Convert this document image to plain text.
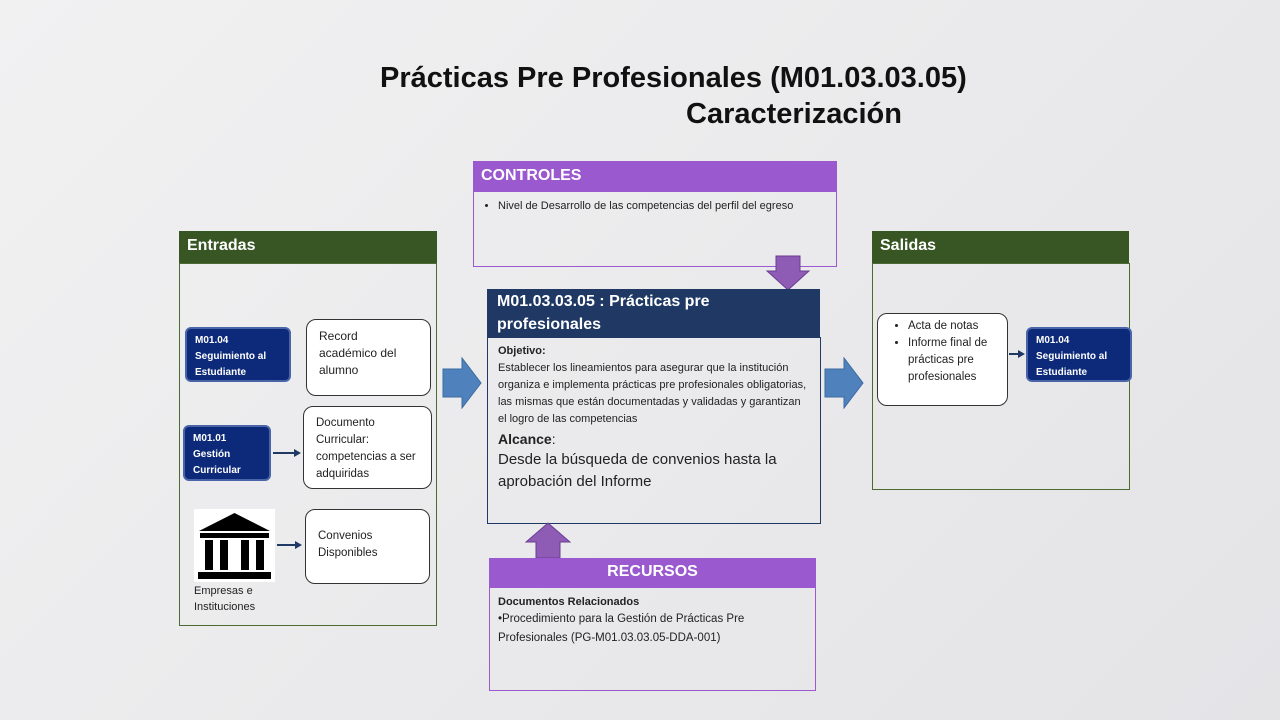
Prácticas Pre Profesionales (M01.03.03.05)
Caracterización
CONTROLES
• Nivel de Desarrollo de las competencias del perfil del egreso
Entradas
M01.04
Seguimiento al Estudiante
M01.01
Gestión Curricular
Empresas e Instituciones
Record académico del alumno
Documento Curricular: competencias a ser adquiridas
Convenios Disponibles
M01.03.03.05 : Prácticas pre profesionales
Objetivo:
Establecer los lineamientos para asegurar que la institución organiza e implementa prácticas pre profesionales obligatorias, las mismas que están documentadas y validadas y garantizan el logro de las competencias
Alcance:
Desde la búsqueda de convenios hasta la aprobación del Informe
Salidas
• Acta de notas
• Informe final de prácticas pre profesionales
M01.04
Seguimiento al Estudiante
RECURSOS
Documentos Relacionados
•Procedimiento para la Gestión de Prácticas Pre Profesionales (PG-M01.03.03.05-DDA-001)
